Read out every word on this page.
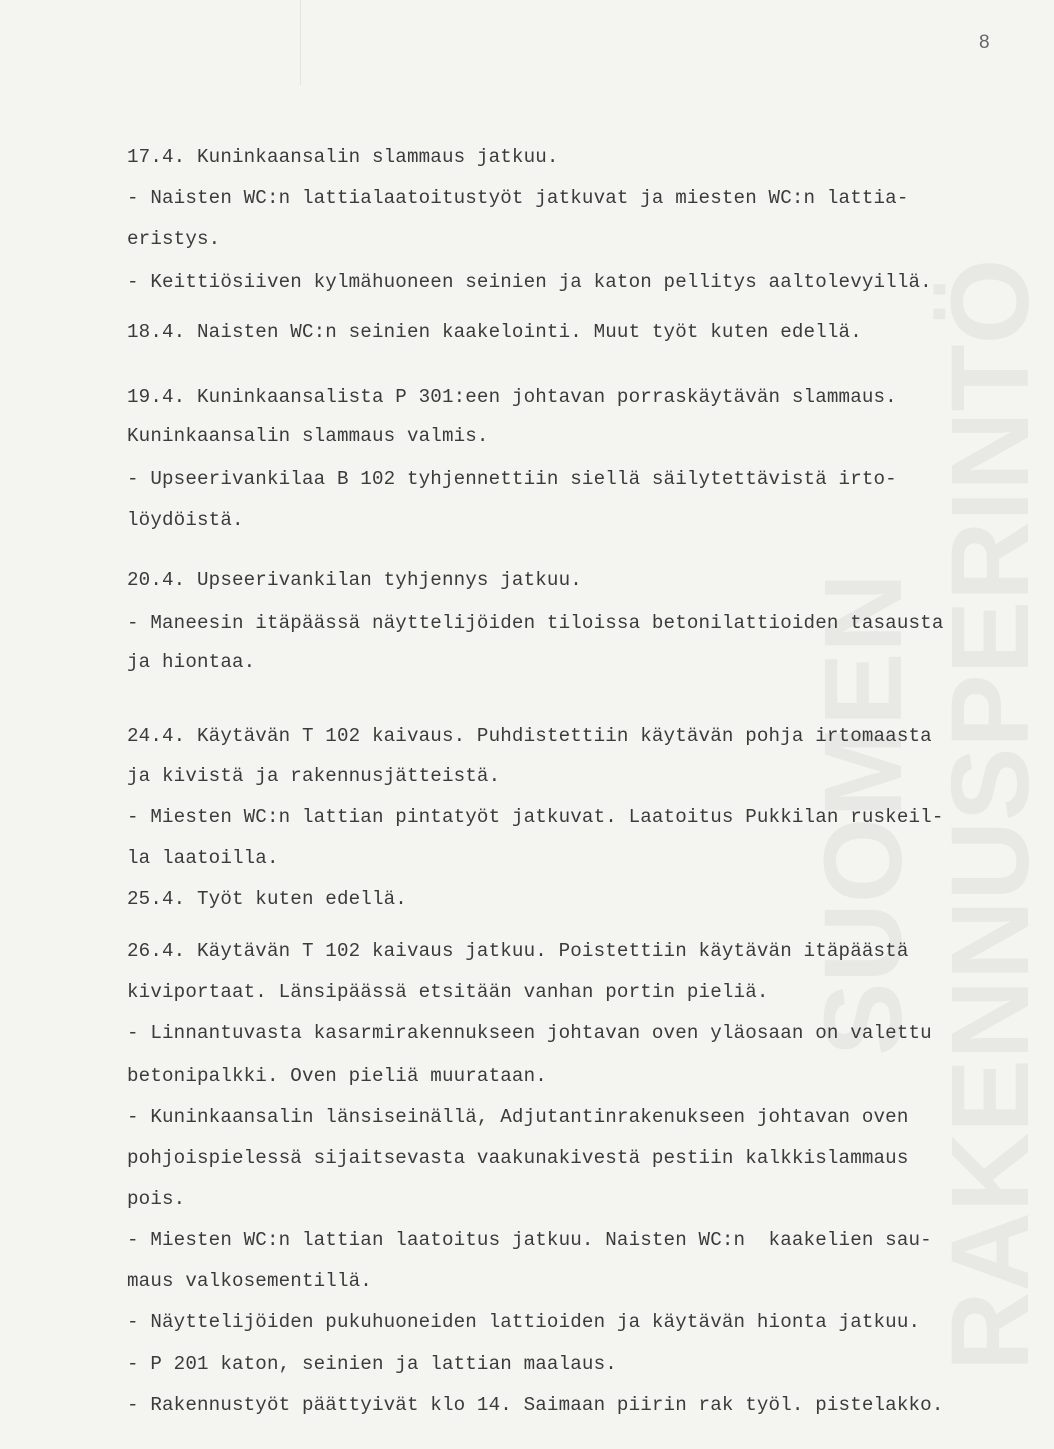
SUOMEN RAKENNUSPERINTÖ
8
17.4. Kuninkaansalin slammaus jatkuu.
- Naisten WC:n lattialaatoitustyöt jatkuvat ja miesten WC:n lattia-
eristys.
- Keittiösiiven kylmähuoneen seinien ja katon pellitys aaltolevyillä.
18.4. Naisten WC:n seinien kaakelointi. Muut työt kuten edellä.
19.4. Kuninkaansalista P 301:een johtavan porraskäytävän slammaus.
Kuninkaansalin slammaus valmis.
- Upseerivankilaa B 102 tyhjennettiin siellä säilytettävistä irto-
löydöistä.
20.4. Upseerivankilan tyhjennys jatkuu.
- Maneesin itäpäässä näyttelijöiden tiloissa betonilattioiden tasausta
ja hiontaa.
24.4. Käytävän T 102 kaivaus. Puhdistettiin käytävän pohja irtomaasta
ja kivistä ja rakennusjätteistä.
- Miesten WC:n lattian pintatyöt jatkuvat. Laatoitus Pukkilan ruskeil-
la laatoilla.
25.4. Työt kuten edellä.
26.4. Käytävän T 102 kaivaus jatkuu. Poistettiin käytävän itäpäästä
kiviportaat. Länsipäässä etsitään vanhan portin pieliä.
- Linnantuvasta kasarmirakennukseen johtavan oven yläosaan on valettu
betonipalkki. Oven pieliä muurataan.
- Kuninkaansalin länsiseinällä, Adjutantinrakenukseen johtavan oven
pohjoispielessä sijaitsevasta vaakunakivestä pestiin kalkkislammaus
pois.
- Miesten WC:n lattian laatoitus jatkuu. Naisten WC:n  kaakelien sau-
maus valkosementillä.
- Näyttelijöiden pukuhuoneiden lattioiden ja käytävän hionta jatkuu.
- P 201 katon, seinien ja lattian maalaus.
- Rakennustyöt päättyivät klo 14. Saimaan piirin rak työl. pistelakko.
